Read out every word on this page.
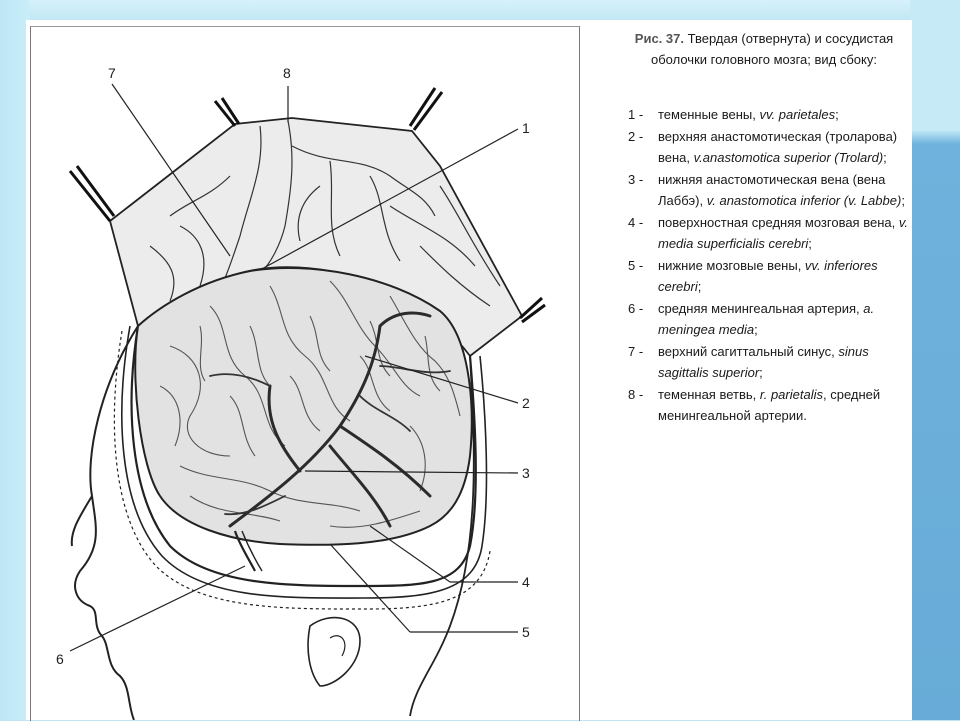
7	8
1
2
3
4
5
6
Рис. 37. Твердая (отвернута) и сосудистая оболочки головного мозга; вид сбоку:
1 -	теменные вены, vv. parietales;
2 -	верхняя анастомотическая (троларова) вена, v.anastomotica superior (Trolard);
3 -	нижняя анастомотическая вена (вена Лаббэ), v. anastomotica inferior (v. Labbe);
4 -	поверхностная средняя мозговая вена, v. media superficialis cerebri;
5 -	нижние мозговые вены, vv. inferiores cerebri;
6 -	средняя менингеальная артерия, a. meningea media;
7 -	верхний сагиттальный синус, sinus sagittalis superior;
8 -	теменная ветвь, r. parietalis, средней менингеальной артерии.
